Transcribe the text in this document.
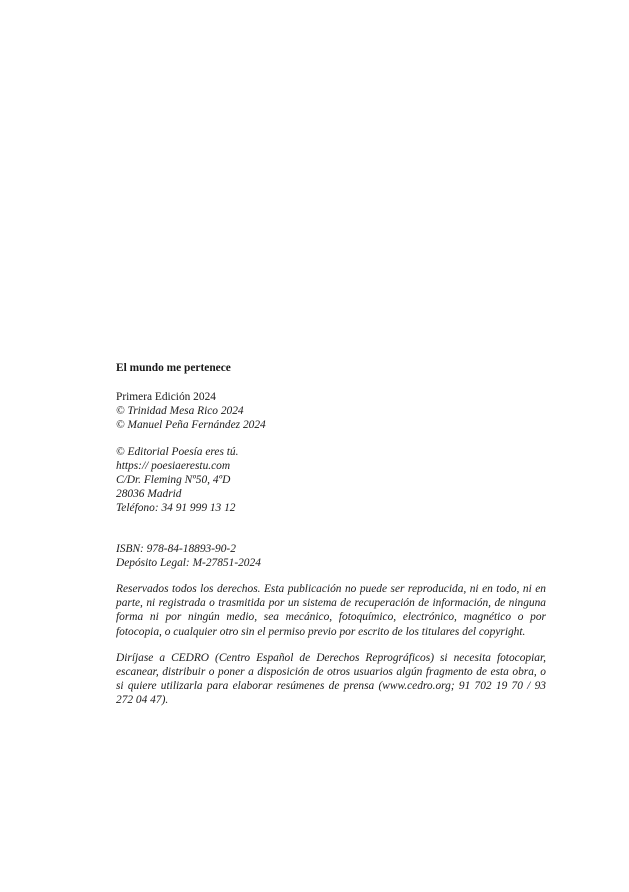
El mundo me pertenece

Primera Edición 2024
© Trinidad Mesa Rico 2024
© Manuel Peña Fernández 2024
© Editorial Poesía eres tú.
https:// poesiaerestu.com
C/Dr. Fleming Nº50, 4ºD
28036 Madrid
Teléfono: 34 91 999 13 12
ISBN: 978-84-18893-90-2
Depósito Legal: M-27851-2024

Reservados todos los derechos. Esta publicación no puede ser reproducida, ni en todo, ni en parte, ni registrada o trasmitida por un sistema de recuperación de información, de ninguna forma ni por ningún medio, sea mecánico, fotoquímico, electrónico, magnético o por fotocopia, o cualquier otro sin el permiso previo por escrito de los titulares del copyright.

Diríjase a CEDRO (Centro Español de Derechos Reprográficos) si necesita fotocopiar, escanear, distribuir o poner a disposición de otros usuarios algún fragmento de esta obra, o si quiere utilizarla para elaborar resúmenes de prensa (www.cedro.org; 91 702 19 70 / 93 272 04 47).
